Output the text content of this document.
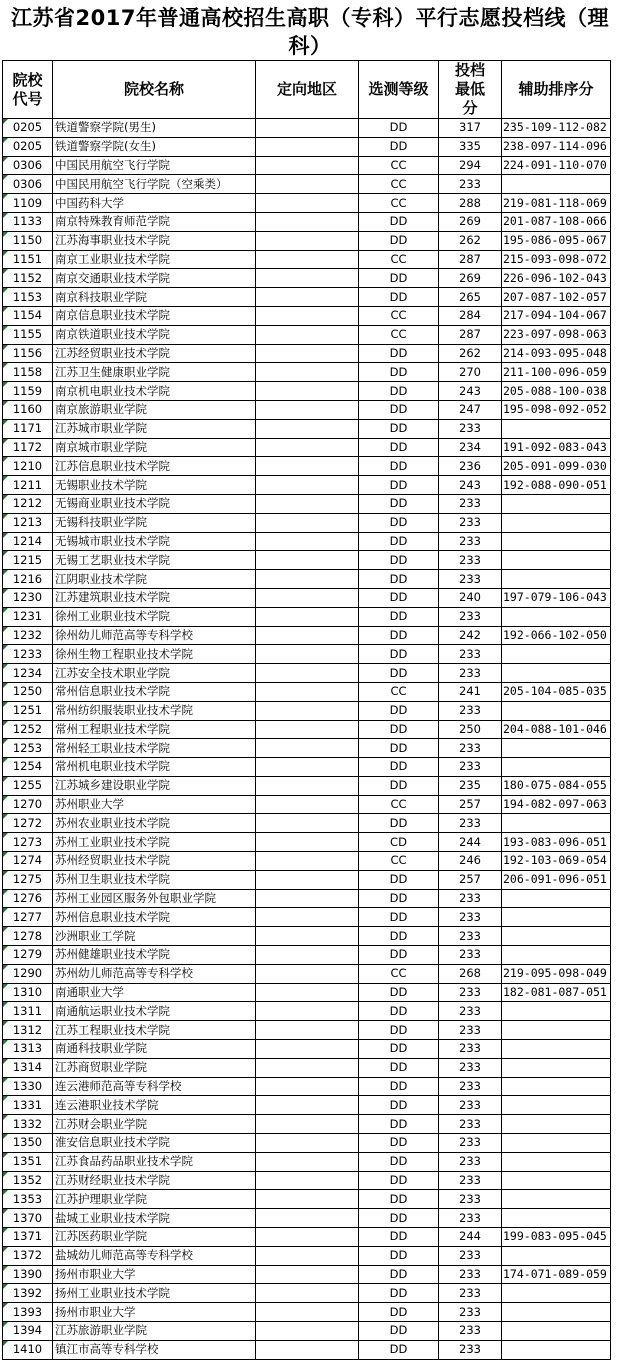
江苏省2017年普通高校招生高职（专科）平行志愿投档线（理科）
院校代号	院校名称	定向地区	选测等级	投档最低分	辅助排序分
0205	铁道警察学院(男生)		DD	317	235-109-112-082
0205	铁道警察学院(女生)		DD	335	238-097-114-096
0306	中国民用航空飞行学院		CC	294	224-091-110-070
0306	中国民用航空飞行学院（空乘类）		CC	233	
1109	中国药科大学		CC	288	219-081-118-069
1133	南京特殊教育师范学院		DD	269	201-087-108-066
1150	江苏海事职业技术学院		DD	262	195-086-095-067
1151	南京工业职业技术学院		CC	287	215-093-098-072
1152	南京交通职业技术学院		DD	269	226-096-102-043
1153	南京科技职业学院		DD	265	207-087-102-057
1154	南京信息职业技术学院		CC	284	217-094-104-067
1155	南京铁道职业技术学院		CC	287	223-097-098-063
1156	江苏经贸职业技术学院		DD	262	214-093-095-048
1158	江苏卫生健康职业学院		DD	270	211-100-096-059
1159	南京机电职业技术学院		DD	243	205-088-100-038
1160	南京旅游职业学院		DD	247	195-098-092-052
1171	江苏城市职业学院		DD	233	
1172	南京城市职业学院		DD	234	191-092-083-043
1210	江苏信息职业技术学院		DD	236	205-091-099-030
1211	无锡职业技术学院		DD	243	192-088-090-051
1212	无锡商业职业技术学院		DD	233	
1213	无锡科技职业学院		DD	233	
1214	无锡城市职业技术学院		DD	233	
1215	无锡工艺职业技术学院		DD	233	
1216	江阴职业技术学院		DD	233	
1230	江苏建筑职业技术学院		DD	240	197-079-106-043
1231	徐州工业职业技术学院		DD	233	
1232	徐州幼儿师范高等专科学校		DD	242	192-066-102-050
1233	徐州生物工程职业技术学院		DD	233	
1234	江苏安全技术职业学院		DD	233	
1250	常州信息职业技术学院		CC	241	205-104-085-035
1251	常州纺织服装职业技术学院		DD	233	
1252	常州工程职业技术学院		DD	250	204-088-101-046
1253	常州轻工职业技术学院		DD	233	
1254	常州机电职业技术学院		DD	233	
1255	江苏城乡建设职业学院		DD	235	180-075-084-055
1270	苏州职业大学		CC	257	194-082-097-063
1272	苏州农业职业技术学院		DD	233	
1273	苏州工业职业技术学院		CD	244	193-083-096-051
1274	苏州经贸职业技术学院		CC	246	192-103-069-054
1275	苏州卫生职业技术学院		DD	257	206-091-096-051
1276	苏州工业园区服务外包职业学院		DD	233	
1277	苏州信息职业技术学院		DD	233	
1278	沙洲职业工学院		DD	233	
1279	苏州健雄职业技术学院		DD	233	
1290	苏州幼儿师范高等专科学校		CC	268	219-095-098-049
1310	南通职业大学		DD	233	182-081-087-051
1311	南通航运职业技术学院		DD	233	
1312	江苏工程职业技术学院		DD	233	
1313	南通科技职业学院		DD	233	
1314	江苏商贸职业学院		DD	233	
1330	连云港师范高等专科学校		DD	233	
1331	连云港职业技术学院		DD	233	
1332	江苏财会职业学院		DD	233	
1350	淮安信息职业技术学院		DD	233	
1351	江苏食品药品职业技术学院		DD	233	
1352	江苏财经职业技术学院		DD	233	
1353	江苏护理职业学院		DD	233	
1370	盐城工业职业技术学院		DD	233	
1371	江苏医药职业学院		DD	244	199-083-095-045
1372	盐城幼儿师范高等专科学校		DD	233	
1390	扬州市职业大学		DD	233	174-071-089-059
1392	扬州工业职业技术学院		DD	233	
1393	扬州市职业大学		DD	233	
1394	江苏旅游职业学院		DD	233	
1410	镇江市高等专科学校		DD	233	
